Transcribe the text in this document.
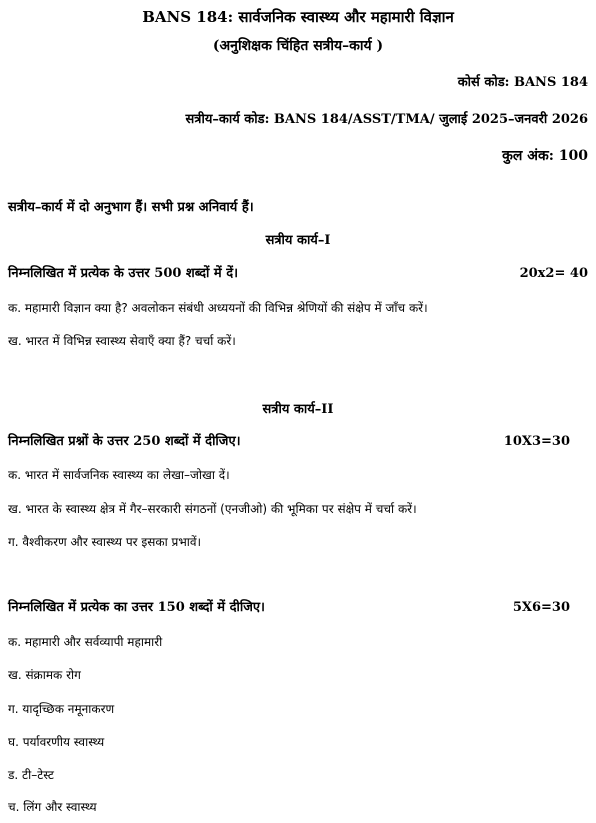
BANS 184: सार्वजनिक स्वास्थ्य और महामारी विज्ञान
(अनुशिक्षक चिंहित सत्रीय–कार्य )
कोर्स कोड: BANS 184
सत्रीय–कार्य कोड: BANS 184/ASST/TMA/ जुलाई 2025–जनवरी 2026
कुल अंक: 100
सत्रीय–कार्य में दो अनुभाग हैं। सभी प्रश्न अनिवार्य हैं।
सत्रीय कार्य–I
निम्नलिखित में प्रत्येक के उत्तर 500 शब्दों में दें।	20x2= 40
क. महामारी विज्ञान क्या है? अवलोकन संबंधी अध्ययनों की विभिन्न श्रेणियों की संक्षेप में जाँच करें।
ख. भारत में विभिन्न स्वास्थ्य सेवाएँ क्या हैं? चर्चा करें।
सत्रीय कार्य–II
निम्नलिखित प्रश्नों के उत्तर 250 शब्दों में दीजिए।	10X3=30
क. भारत में सार्वजनिक स्वास्थ्य का लेखा–जोखा दें।
ख. भारत के स्वास्थ्य क्षेत्र में गैर–सरकारी संगठनों (एनजीओ) की भूमिका पर संक्षेप में चर्चा करें।
ग. वैश्वीकरण और स्वास्थ्य पर इसका प्रभावें।
निम्नलिखित में प्रत्येक का उत्तर 150 शब्दों में दीजिए।	5X6=30
क. महामारी और सर्वव्यापी महामारी
ख. संक्रामक रोग
ग. यादृच्छिक नमूनाकरण
घ. पर्यावरणीय स्वास्थ्य
ड. टी–टेस्ट
च. लिंग और स्वास्थ्य
